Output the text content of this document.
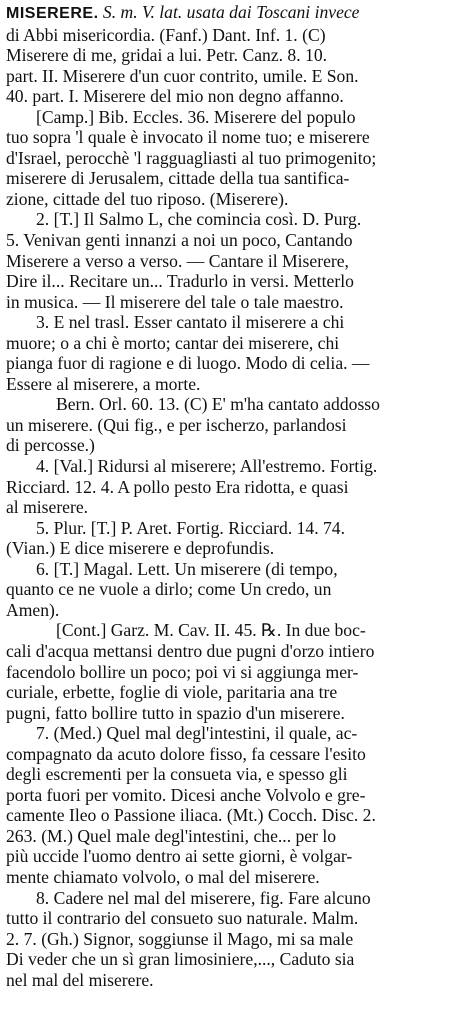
MISERERE. S. m. V. lat. usata dai Toscani invece
di Abbi misericordia. (Fanf.) Dant. Inf. 1. (C)
Miserere di me, gridai a lui. Petr. Canz. 8. 10.
part. II. Miserere d'un cuor contrito, umile. E Son.
40. part. I. Miserere del mio non degno affanno.
[Camp.] Bib. Eccles. 36. Miserere del populo
tuo sopra 'l quale è invocato il nome tuo; e miserere
d'Israel, perocchè 'l ragguagliasti al tuo primogenito;
miserere di Jerusalem, cittade della tua santifica-
zione, cittade del tuo riposo. (Miserere).
2. [T.] Il Salmo L, che comincia così. D. Purg.
5. Venivan genti innanzi a noi un poco, Cantando
Miserere a verso a verso. — Cantare il Miserere,
Dire il... Recitare un... Tradurlo in versi. Metterlo
in musica. — Il miserere del tale o tale maestro.
3. E nel trasl. Esser cantato il miserere a chi
muore; o a chi è morto; cantar dei miserere, chi
pianga fuor di ragione e di luogo. Modo di celia. —
Essere al miserere, a morte.
Bern. Orl. 60. 13. (C) E' m'ha cantato addosso
un miserere. (Qui fig., e per ischerzo, parlandosi
di percosse.)
4. [Val.] Ridursi al miserere; All'estremo. Fortig.
Ricciard. 12. 4. A pollo pesto Era ridotta, e quasi
al miserere.
5. Plur. [T.] P. Aret. Fortig. Ricciard. 14. 74.
(Vian.) E dice miserere e deprofundis.
6. [T.] Magal. Lett. Un miserere (di tempo,
quanto ce ne vuole a dirlo; come Un credo, un
Amen).
[Cont.] Garz. M. Cav. II. 45. ℞. In due boc-
cali d'acqua mettansi dentro due pugni d'orzo intiero
facendolo bollire un poco; poi vi si aggiunga mer-
curiale, erbette, foglie di viole, paritaria ana tre
pugni, fatto bollire tutto in spazio d'un miserere.
7. (Med.) Quel mal degl'intestini, il quale, ac-
compagnato da acuto dolore fisso, fa cessare l'esito
degli escrementi per la consueta via, e spesso gli
porta fuori per vomito. Dicesi anche Volvolo e gre-
camente Ileo o Passione iliaca. (Mt.) Cocch. Disc. 2.
263. (M.) Quel male degl'intestini, che... per lo
più uccide l'uomo dentro ai sette giorni, è volgar-
mente chiamato volvolo, o mal del miserere.
8. Cadere nel mal del miserere, fig. Fare alcuno
tutto il contrario del consueto suo naturale. Malm.
2. 7. (Gh.) Signor, soggiunse il Mago, mi sa male
Di veder che un sì gran limosiniere,..., Caduto sia
nel mal del miserere.
